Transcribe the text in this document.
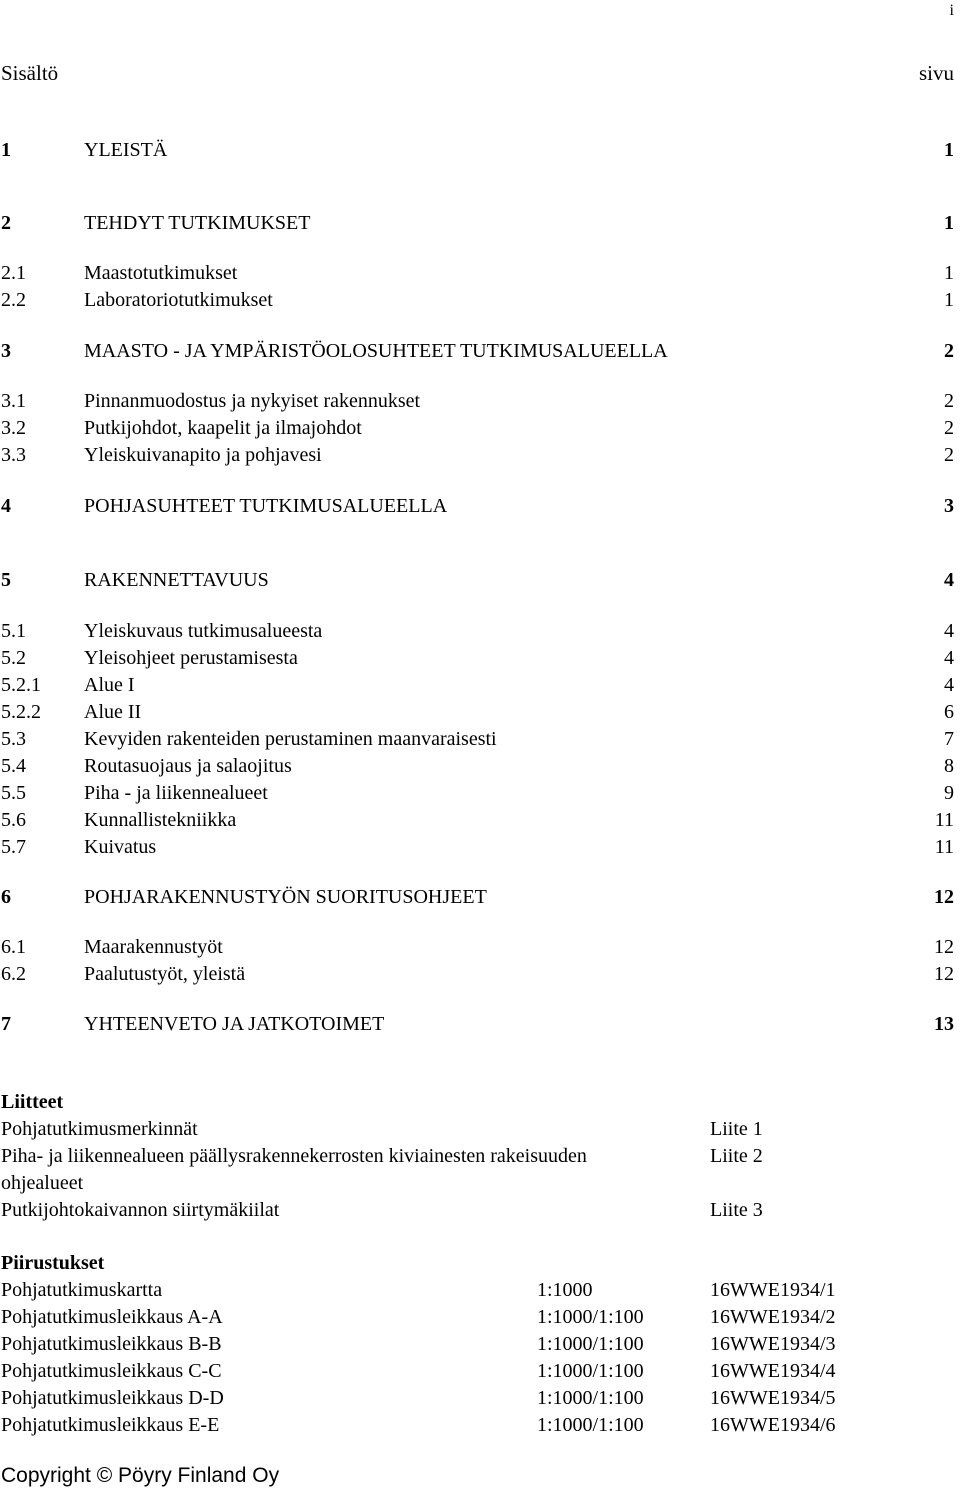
i
Sisältö	sivu
1	YLEISTÄ	1
2	TEHDYT TUTKIMUKSET	1
2.1	Maastotutkimukset	1
2.2	Laboratoriotutkimukset	1
3	MAASTO - JA YMPÄRISTÖOLOSUHTEET TUTKIMUSALUEELLA	2
3.1	Pinnanmuodostus ja nykyiset rakennukset	2
3.2	Putkijohdot, kaapelit ja ilmajohdot	2
3.3	Yleiskuivanapito ja pohjavesi	2
4	POHJASUHTEET TUTKIMUSALUEELLA	3
5	RAKENNETTAVUUS	4
5.1	Yleiskuvaus tutkimusalueesta	4
5.2	Yleisohjeet perustamisesta	4
5.2.1 Alue I	4
5.2.2 Alue II	6
5.3	Kevyiden rakenteiden perustaminen maanvaraisesti	7
5.4	Routasuojaus ja salaojitus	8
5.5	Piha - ja liikennealueet	9
5.6	Kunnallistekniikka	11
5.7	Kuivatus	11
6	POHJARAKENNUSTYÖN SUORITUSOHJEET	12
6.1	Maarakennustyöt	12
6.2	Paalutustyöt, yleistä	12
7	YHTEENVETO JA JATKOTOIMET	13
Liitteet
Pohjatutkimusmerkinnät	Liite 1
Piha- ja liikennealueen päällysrakennekerrosten kiviainesten rakeisuuden
ohjealueet
Liite 2
Putkijohtokaivannon siirtymäkiilat	Liite 3
Piirustukset
Pohjatutkimuskartta	1:1000	16WWE1934/1
Pohjatutkimusleikkaus A-A	1:1000/1:100	16WWE1934/2
Pohjatutkimusleikkaus B-B	1:1000/1:100	16WWE1934/3
Pohjatutkimusleikkaus C-C	1:1000/1:100	16WWE1934/4
Pohjatutkimusleikkaus D-D	1:1000/1:100	16WWE1934/5
Pohjatutkimusleikkaus E-E	1:1000/1:100	16WWE1934/6
Copyright © Pöyry Finland Oy
